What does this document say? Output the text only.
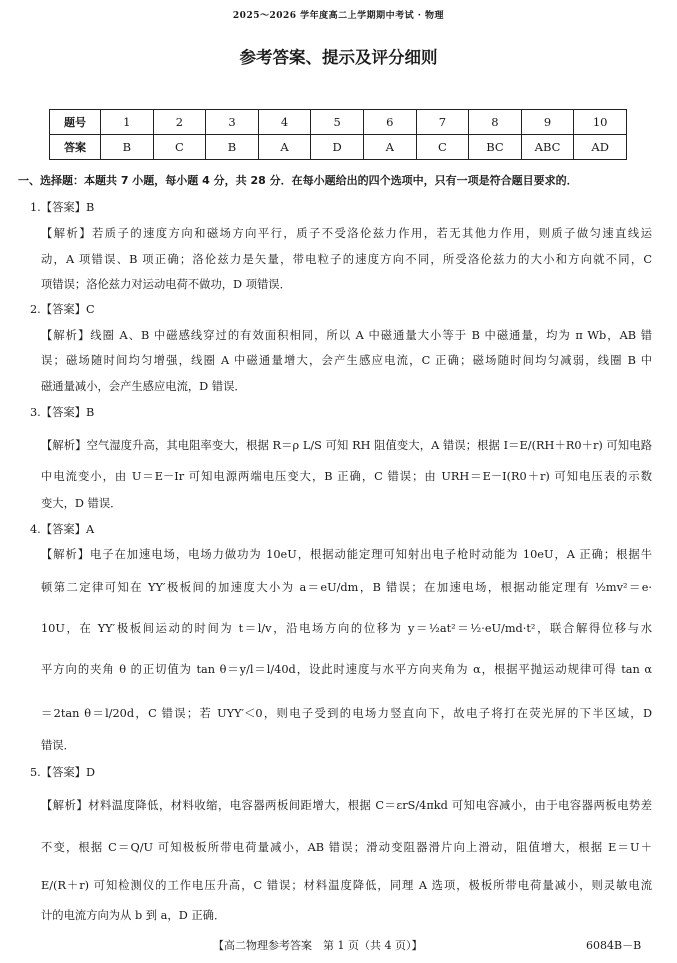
2025～2026 学年度高二上学期期中考试 · 物理
参考答案、提示及评分细则
题号	1	2	3	4	5	6	7	8	9	10
答案	B	C	B	A	D	A	C	BC	ABC	AD
一、选择题：本题共 7 小题，每小题 4 分，共 28 分．在每小题给出的四个选项中，只有一项是符合题目要求的．
1.【答案】B
【解析】若质子的速度方向和磁场方向平行，质子不受洛伦兹力作用，若无其他力作用，则质子做匀速直线运
动，A 项错误、B 项正确；洛伦兹力是矢量，带电粒子的速度方向不同，所受洛伦兹力的大小和方向就不同，C
项错误；洛伦兹力对运动电荷不做功，D 项错误．
2.【答案】C
【解析】线圈 A、B 中磁感线穿过的有效面积相同，所以 A 中磁通量大小等于 B 中磁通量，均为 π Wb，AB 错
误；磁场随时间均匀增强，线圈 A 中磁通量增大，会产生感应电流，C 正确；磁场随时间均匀减弱，线圈 B 中
磁通量减小，会产生感应电流，D 错误．
3.【答案】B
【解析】空气湿度升高，其电阻率变大，根据 R＝ρ L/S 可知 RH 阻值变大，A 错误；根据 I＝E/(RH＋R0＋r) 可知电路
中电流变小，由 U＝E－Ir 可知电源两端电压变大，B 正确，C 错误；由 URH＝E－I(R0＋r) 可知电压表的示数
变大，D 错误．
4.【答案】A
【解析】电子在加速电场，电场力做功为 10eU，根据动能定理可知射出电子枪时动能为 10eU，A 正确；根据牛
顿第二定律可知在 YY′极板间的加速度大小为 a＝eU/dm，B 错误；在加速电场，根据动能定理有 ½mv²＝e·
10U，在 YY′极板间运动的时间为 t＝l/v，沿电场方向的位移为 y＝½at²＝½·eU/md·t²，联合解得位移与水
平方向的夹角 θ 的正切值为 tan θ＝y/l＝l/40d，设此时速度与水平方向夹角为 α，根据平抛运动规律可得 tan α
＝2tan θ＝l/20d，C 错误；若 UYY′＜0，则电子受到的电场力竖直向下，故电子将打在荧光屏的下半区域，D
错误．
5.【答案】D
【解析】材料温度降低，材料收缩，电容器两板间距增大，根据 C＝εrS/4πkd 可知电容减小，由于电容器两板电势差
不变，根据 C＝Q/U 可知极板所带电荷量减小，AB 错误；滑动变阻器滑片向上滑动，阻值增大，根据 E＝U＋
E/(R＋r) 可知检测仪的工作电压升高，C 错误；材料温度降低，同理 A 选项，极板所带电荷量减小，则灵敏电流
计的电流方向为从 b 到 a，D 正确．
【高二物理参考答案　第 1 页（共 4 页）】	6084B－B
